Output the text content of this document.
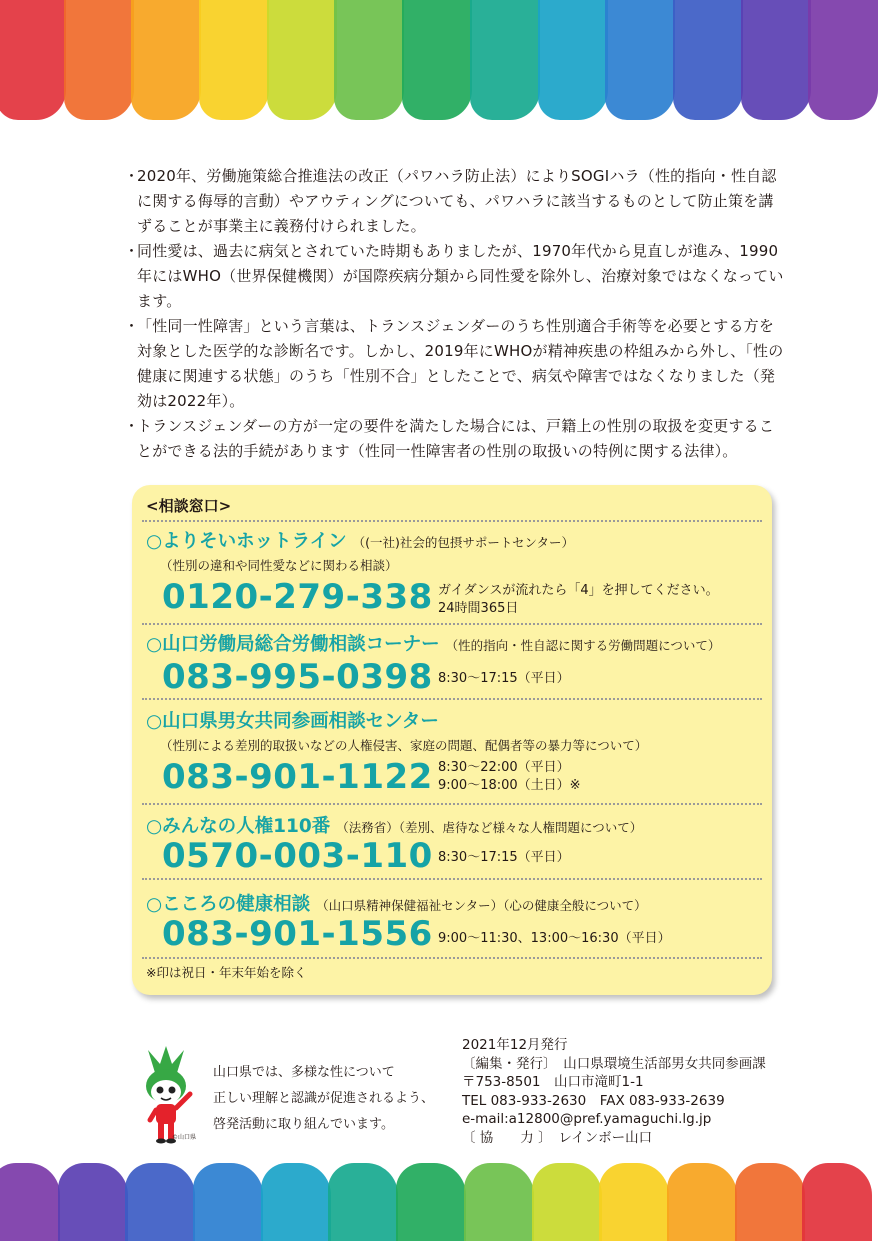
・
2020年、労働施策総合推進法の改正（パワハラ防止法）によりSOGIハラ（性的指向・性自認に関する侮辱的言動）やアウティングについても、パワハラに該当するものとして防止策を講ずることが事業主に義務付けられました。
・
同性愛は、過去に病気とされていた時期もありましたが、1970年代から見直しが進み、1990年にはWHO（世界保健機関）が国際疾病分類から同性愛を除外し、治療対象ではなくなっています。
・
「性同一性障害」という言葉は、トランスジェンダーのうち性別適合手術等を必要とする方を対象とした医学的な診断名です。しかし、2019年にWHOが精神疾患の枠組みから外し、「性の健康に関連する状態」のうち「性別不合」としたことで、病気や障害ではなくなりました（発効は2022年）。
・
トランスジェンダーの方が一定の要件を満たした場合には、戸籍上の性別の取扱を変更することができる法的手続があります（性同一性障害者の性別の取扱いの特例に関する法律）。
<相談窓口>
○よりそいホットライン （(一社)社会的包摂サポートセンター）
（性別の違和や同性愛などに関わる相談）
0120-279-338 ガイダンスが流れたら「4」を押してください。
24時間365日
○山口労働局総合労働相談コーナー （性的指向・性自認に関する労働問題について）
083-995-0398 8:30〜17:15（平日）
○山口県男女共同参画相談センター
（性別による差別的取扱いなどの人権侵害、家庭の問題、配偶者等の暴力等について）
083-901-1122 8:30〜22:00（平日）
9:00〜18:00（土日）※
○みんなの人権110番 （法務省）（差別、虐待など様々な人権問題について）
0570-003-110 8:30〜17:15（平日）
○こころの健康相談 （山口県精神保健福祉センター）（心の健康全般について）
083-901-1556 9:00〜11:30、13:00〜16:30（平日）
※印は祝日・年末年始を除く
©山口県
山口県では、多様な性について
正しい理解と認識が促進されるよう、
啓発活動に取り組んでいます。
2021年12月発行
〔編集・発行〕　山口県環境生活部男女共同参画課
〒753-8501　山口市滝町1-1
TEL 083-933-2630　FAX 083-933-2639
e-mail:a12800@pref.yamaguchi.lg.jp
〔 協　　力 〕　レインボー山口
